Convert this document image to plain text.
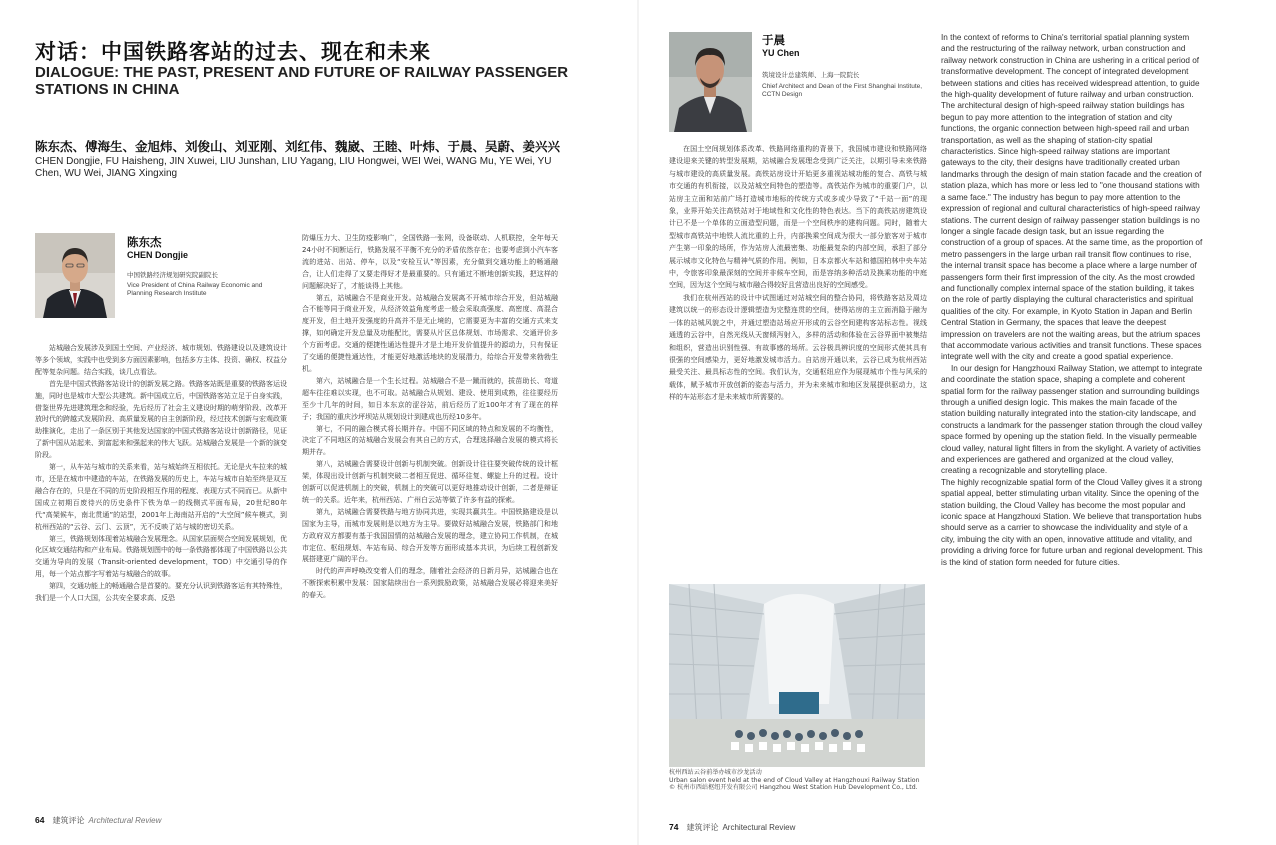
对话：中国铁路客站的过去、现在和未来
DIALOGUE: THE PAST, PRESENT AND FUTURE OF RAILWAY PASSENGER STATIONS IN CHINA
陈东杰、傅海生、金旭炜、刘俊山、刘亚刚、刘红伟、魏崴、王睦、叶炜、于晨、吴蔚、姜兴兴
CHEN Dongjie, FU Haisheng, JIN Xuwei, LIU Junshan, LIU Yagang, LIU Hongwei, WEI Wei, WANG Mu, YE Wei, YU Chen, WU Wei, JIANG Xingxing
陈东杰
CHEN Dongjie
中国铁路经济规划研究院副院长
Vice President of China Railway Economic and Planning Research Institute

站城融合发展涉及到国土空间、产业经济、城市规划、铁路建设以及建筑设计等多个领域，实践中也受到多方面因素影响，包括多方主体、投资、确权、权益分配等复杂问题。结合实践，谈几点看法。

首先是中国式铁路客站设计的创新发展之路。铁路客站既是重要的铁路客运设施，同时也是城市大型公共建筑。新中国成立后，中国铁路客站立足于自身实践，借鉴世界先进建筑理念和经验，先后经历了社会主义建设时期的萌芽阶段、改革开放时代的跨越式发展阶段、高质量发展的自主创新阶段，经过技术创新与宏观政策助推演化，走出了一条区别于其他发达国家的中国式铁路客站设计创新路径，见证了新中国从站起来、到富起来和强起来的伟大飞跃。站城融合发展是一个新的演变阶段。

第一，从车站与城市的关系来看，站与城始终互相依托。无论是火车拉来的城市，还是在城市中建造的车站，在铁路发展的历史上，车站与城市自始至终是双互融合存在的，只是在不同的历史阶段相互作用的程度、表现方式不同而已。从新中国成立初期百废待兴的历史条件下铁为单一的线侧式平面布局，20世纪80年代“高架候车，南北贯通”的站型，2001年上海南站开启的“大空间”候车模式，到杭州西站的“云谷、云门、云顶”，无不反映了站与城的密切关系。

第三，铁路规划体现着站城融合发展理念。从国家层面契合空间发展规划，优化区域交通结构和产业布局。铁路规划图中的每一条铁路都体现了中国铁路以公共交通为导向的发展（Transit-oriented development，TOD）中交通引导的作用，每一个站点都字写着站与城融合的故事。

第四，交通功能上的畅通融合是首要的。要充分认识到铁路客运有其特殊性，我们是一个人口大国，公共安全要求高、反恐

防爆压力大、卫生防疫影响广，全国铁路一张网，设备联动、人机联控，全年每天24小时不间断运行，铁路发展不平衡不充分的矛盾依然存在；也要考虑到小汽车客流的进站、出站、停车，以及“安检互认”等因素，充分做到交通功能上的畅通融合，让人们走得了又要走得好才是最重要的。只有通过不断地创新实践，把这样的问题解决好了，才能谈得上其他。

第五，站城融合不是商业开发。站城融合发展离不开城市综合开发，但站城融合不能等同于商业开发，从经济效益角度考虑一般会采取高强度、高密度、高混合度开发，但土地开发强度的升高并不是无止境的，它需要更为丰富的交通方式来支撑，如何确定开发总量及功能配比，需要从片区总体规划、市场需求、交通评价多个方面考虑。交通的便捷性通达性提升才是土地开发价值提升的源动力，只有保证了交通的便捷性通达性，才能更好地激活地块的发展潜力，给综合开发带来勃勃生机。

第六，站城融合是一个生长过程。站城融合不是一蹴而就的，拔苗助长、弯道超车往往难以实现，也不可取。站城融合从规划、建设、使用到成熟，往往要经历至少十几年的时间，如日本东京的涩谷站，前后经历了近100年才有了现在的样子；我国的重庆沙坪坝站从规划设计到建成也历经10多年。

第七，不同的融合模式将长期并存。中国不同区域的特点和发展的不均衡性，决定了不同地区的站城融合发展会有其自己的方式，合理选择融合发展的模式将长期并存。

第八，站城融合需要设计创新与机制突破。创新设计往往要突破传统的设计框架，体现出设计创新与机制突破二者相互促进、循环往复、螺旋上升的过程。设计创新可以促进机制上的突破，机制上的突破可以更好地推动设计创新，二者是辩证统一的关系。近年来，杭州西站、广州白云站等做了许多有益的探索。

第九，站城融合需要铁路与地方协同共进，实现共赢共生。中国铁路建设是以国家为主导，而城市发展则是以地方为主导。要做好站城融合发展，铁路部门和地方政府双方都要有基于我国国情的站城融合发展的理念，建立协同工作机制，在城市定位、枢纽规划、车站布局、综合开发等方面形成基本共识，为后续工程创新发展搭建更广阔的平台。

时代的声声呼唤改变着人们的理念，随着社会经济的日新月异，站城融合也在不断探索积累中发展：国家陆续出台一系列鼓励政策，站城融合发展必将迎来美好的春天。

64 建筑评论 Architectural Review
于晨
YU Chen
筑境设计总建筑师、上海一院院长
Chief Architect and Dean of the First Shanghai Institute, CCTN Design

在国土空间规划体系改革、铁路网络重构的背景下，我国城市建设和铁路网络建设迎来关键的转型发展期，站城融合发展理念受到广泛关注，以期引导未来铁路与城市建设的高质量发展。高铁站房设计开始更多重视站城功能的复合、高铁与城市交通的有机衔接，以及站城空间特色的塑造等。高铁站作为城市的重要门户，以站房主立面和站前广场打造城市地标的传统方式或多或少导致了“千站一面”的现象，业界开始关注高铁站对于地域性和文化性的特色表达。当下的高铁站房建筑设计已不是一个单体的立面造型问题，而是一个空间秩序的建构问题。同时，随着大型城市高铁站中地铁人流比重的上升，内部换乘空间成为很大一部分旅客对于城市产生第一印象的场所，作为站房人流最密集、功能最复杂的内部空间，承担了部分展示城市文化特色与精神气质的作用。例如，日本京都火车站和德国柏林中央车站中，令旅客印象最深刻的空间并非候车空间，而是容纳多种活动及换乘功能的中庭空间，因为这个空间与城市融合得较好且营造出良好的空间感受。

我们在杭州西站的设计中试图通过对站城空间的整合协同，将铁路客站及周边建筑以统一的形态设计逻辑塑造为完整连贯的空间，使得站房的主立面消隐于融为一体的站城风貌之中，并通过塑造站场应开形成的云谷空间建构客站标志性。视线通透的云谷中，自然光线从天窗倾泻射入，多样的活动和体验在云谷界面中被集结和组织，营造出识别性强、有故事感的场所。云谷极具辨识度的空间形式使其具有很强的空间感染力，更好地激发城市活力。自站房开通以来，云谷已成为杭州西站最受关注、最具标志性的空间。我们认为，交通枢纽应作为展现城市个性与风采的载体，赋予城市开放创新的姿态与活力，并为未来城市和地区发展提供驱动力，这样的车站形态才是未来城市所需要的。

杭州西站云谷前举办城市沙龙活动
Urban salon event held at the end of Cloud Valley at Hangzhouxi Railway Station
© 杭州市西站枢纽开发有限公司 Hangzhou West Station Hub Development Co., Ltd.

In the context of reforms to China's territorial spatial planning system and the restructuring of the railway network, urban construction and railway network construction in China are ushering in a critical period of transformative development. The concept of integrated development between stations and cities has received widespread attention, to guide the high-quality development of future railway and urban construction. The architectural design of high-speed railway station buildings has begun to pay more attention to the integration of station and city functions, the organic connection between high-speed rail and urban transportation, as well as the shaping of station-city spatial characteristics. Since high-speed railway stations are important gateways to the city, their designs have traditionally created urban landmarks through the design of main station facade and the creation of station plaza, which has more or less led to "one thousand stations with a same face." The industry has begun to pay more attention to the expression of regional and cultural characteristics of high-speed railway stations. The current design of railway passenger station buildings is no longer a single facade design task, but an issue regarding the construction of a group of spaces. At the same time, as the proportion of metro passengers in the large urban rail transit flow continues to rise, the internal transit space has become a place where a large number of passengers form their first impression of the city. As the most crowded and functionally complex internal space of the station building, it takes on the role of partly displaying the cultural characteristics and spiritual qualities of the city. For example, in Kyoto Station in Japan and Berlin Central Station in Germany, the spaces that leave the deepest impression on travelers are not the waiting areas, but the atrium spaces that accommodate various activities and transit functions. These spaces integrate well with the city and create a good spatial experience.

In our design for Hangzhouxi Railway Station, we attempt to integrate and coordinate the station space, shaping a complete and coherent spatial form for the railway passenger station and surrounding buildings through a unified design logic. This makes the main facade of the station building naturally integrated into the station-city landscape, and constructs a landmark for the passenger station through the cloud valley space formed by opening up the station field. In the visually permeable cloud valley, natural light filters in from the skylight. A variety of activities and experiences are gathered and organized at the cloud valley, creating a recognizable and storytelling place.

The highly recognizable spatial form of the Cloud Valley gives it a strong spatial appeal, better stimulating urban vitality. Since the opening of the station building, the Cloud Valley has become the most popular and iconic space at Hangzhouxi Station. We believe that transportation hubs should serve as a carrier to showcase the individuality and style of a city, imbuing the city with an open, innovative attitude and vitality, and providing a driving force for future urban and regional development. This is the kind of station form needed for future cities.

74 建筑评论 Architectural Review
